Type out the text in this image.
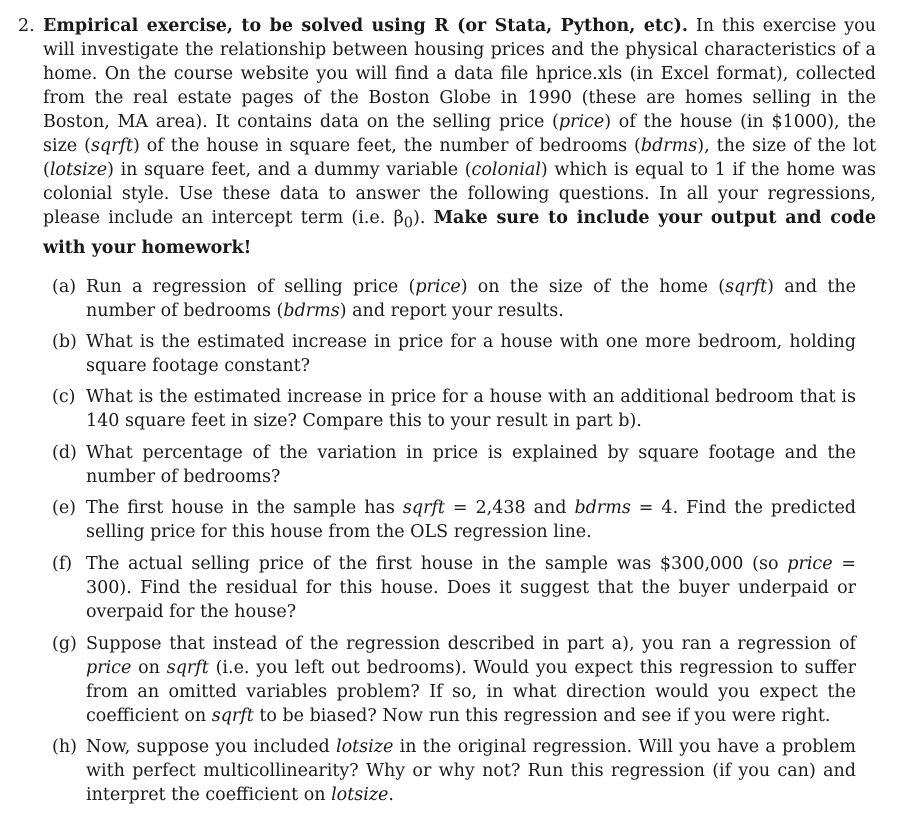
2. Empirical exercise, to be solved using R (or Stata, Python, etc). In this exercise you will investigate the relationship between housing prices and the physical characteristics of a home. On the course website you will find a data file hprice.xls (in Excel format), collected from the real estate pages of the Boston Globe in 1990 (these are homes selling in the Boston, MA area). It contains data on the selling price (price) of the house (in $1000), the size (sqrft) of the house in square feet, the number of bedrooms (bdrms), the size of the lot (lotsize) in square feet, and a dummy variable (colonial) which is equal to 1 if the home was colonial style. Use these data to answer the following questions. In all your regressions, please include an intercept term (i.e. $\beta_0$). Make sure to include your output and code with your homework!
(a) Run a regression of selling price (price) on the size of the home (sqrft) and the number of bedrooms (bdrms) and report your results.
(b) What is the estimated increase in price for a house with one more bedroom, holding square footage constant?
(c) What is the estimated increase in price for a house with an additional bedroom that is 140 square feet in size? Compare this to your result in part b).
(d) What percentage of the variation in price is explained by square footage and the number of bedrooms?
(e) The first house in the sample has sqrft = 2,438 and bdrms = 4. Find the predicted selling price for this house from the OLS regression line.
(f) The actual selling price of the first house in the sample was $300,000 (so price = 300). Find the residual for this house. Does it suggest that the buyer underpaid or overpaid for the house?
(g) Suppose that instead of the regression described in part a), you ran a regression of price on sqrft (i.e. you left out bedrooms). Would you expect this regression to suffer from an omitted variables problem? If so, in what direction would you expect the coefficient on sqrft to be biased? Now run this regression and see if you were right.
(h) Now, suppose you included lotsize in the original regression. Will you have a problem with perfect multicollinearity? Why or why not? Run this regression (if you can) and interpret the coefficient on lotsize.
